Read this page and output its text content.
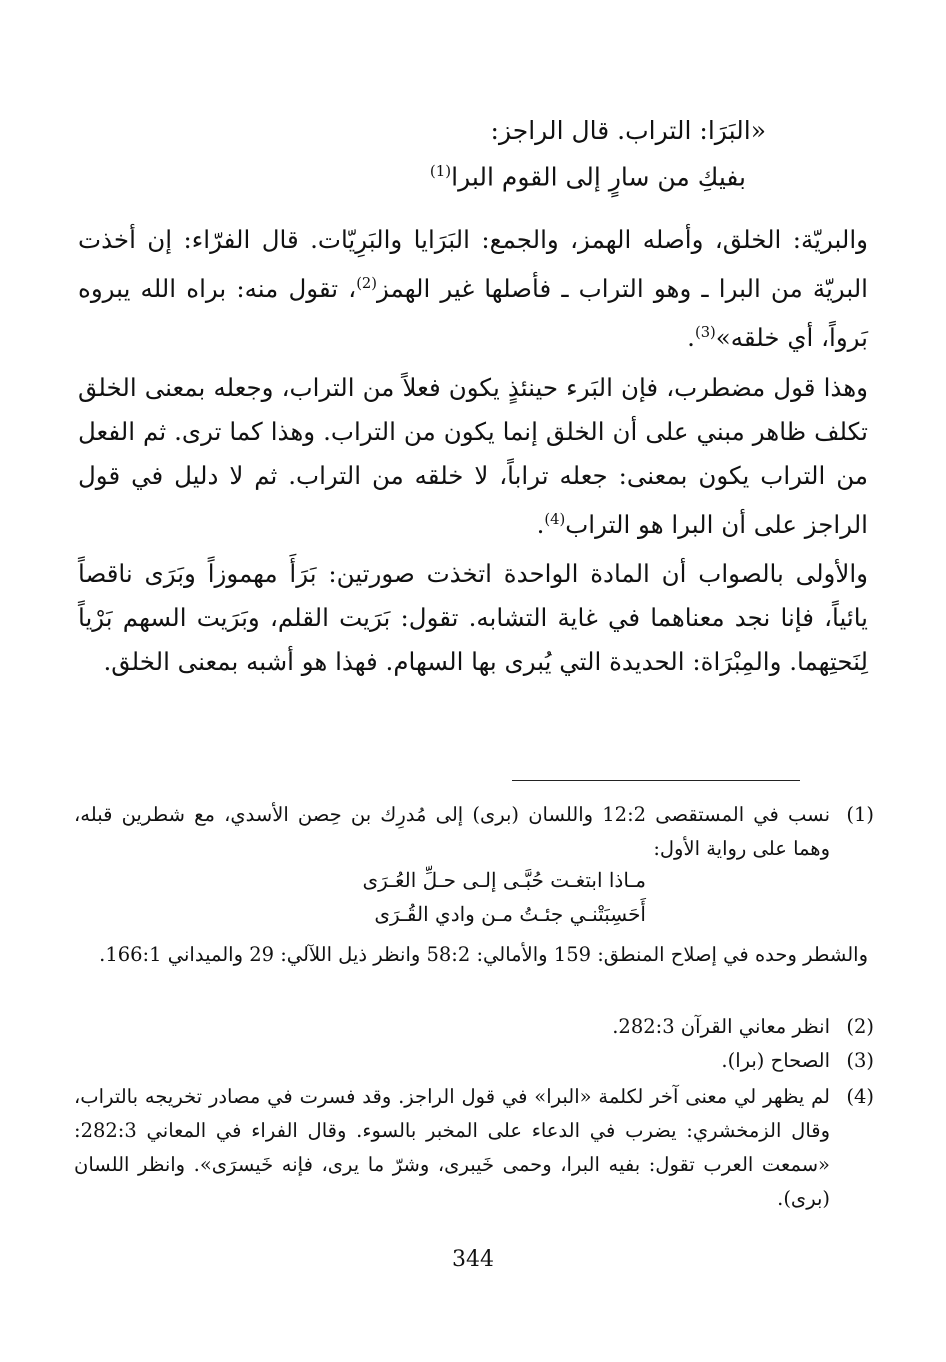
«البَرَا: التراب. قال الراجز:
بفيكِ من سارٍ إلى القوم البرا$^{(1)}$
والبريّة: الخلق، وأصله الهمز، والجمع: البَرَايا والبَرِيّات. قال الفرّاء: إن أخذت البريّة من البرا ـ وهو التراب ـ فأصلها غير الهمز$^{(2)}$، تقول منه: براه الله يبروه بَرواً، أي خلقه»$^{(3)}$.
وهذا قول مضطرب، فإن البَرء حينئذٍ يكون فعلاً من التراب، وجعله بمعنى الخلق تكلف ظاهر مبني على أن الخلق إنما يكون من التراب. وهذا كما ترى. ثم الفعل من التراب يكون بمعنى: جعله تراباً، لا خلقه من التراب. ثم لا دليل في قول الراجز على أن البرا هو التراب$^{(4)}$.
والأولى بالصواب أن المادة الواحدة اتخذت صورتين: بَرَأَ مهموزاً وبَرَى ناقصاً يائياً، فإنا نجد معناهما في غاية التشابه. تقول: بَرَيت القلم، وبَرَيت السهم بَرْياً لِنَحتِهما. والمِبْرَاة: الحديدة التي يُبرى بها السهام. فهذا هو أشبه بمعنى الخلق.
(1)
نسب في المستقصى 12:2 واللسان (برى) إلى مُدرِك بن حِصن الأسدي، مع شطرين قبله، وهما على رواية الأول:
مـاذا ابتغـت حُبَّـى إلـى حـلِّ العُـرَى
أَحَسِبَتْنـي جئـتُ مـن وادي القُـرَى
والشطر وحده في إصلاح المنطق: 159 والأمالي: 58:2 وانظر ذيل اللآلي: 29 والميداني 166:1.
(2)
انظر معاني القرآن 282:3.
(3)
الصحاح (برا).
(4)
لم يظهر لي معنى آخر لكلمة «البرا» في قول الراجز. وقد فسرت في مصادر تخريجه بالتراب، وقال الزمخشري: يضرب في الدعاء على المخبر بالسوء. وقال الفراء في المعاني 282:3: «سمعت العرب تقول: بفيه البرا، وحمى خَيبرى، وشرّ ما يرى، فإنه خَيسرَى». وانظر اللسان (برى).
344
